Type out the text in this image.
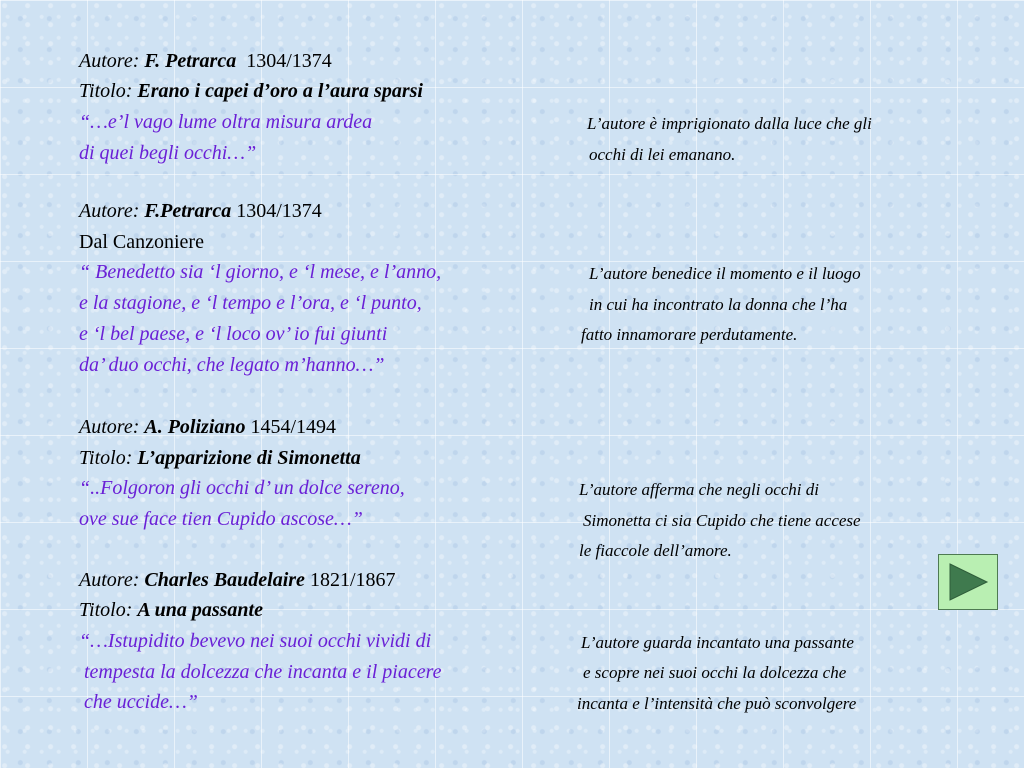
Autore: F. Petrarca 1304/1374
Titolo: Erano i capei d’oro a l’aura sparsi
“…e’l vago lume oltra misura ardea
di quei begli occhi…”
L’autore è imprigionato dalla luce che gli
occhi di lei emanano.
Autore: F.Petrarca 1304/1374
Dal Canzoniere
“ Benedetto sia ‘l giorno, e ‘l mese, e l’anno,
e la stagione, e ‘l tempo e l’ora, e ‘l punto,
e ‘l bel paese, e ‘l loco ov’ io fui giunti
da’ duo occhi, che legato m’hanno…”
L’autore benedice il momento e il luogo
in cui ha incontrato la donna che l’ha
fatto innamorare perdutamente.
Autore: A. Poliziano 1454/1494
Titolo: L’apparizione di Simonetta
“..Folgoron gli occhi d’ un dolce sereno,
ove sue face tien Cupido ascose…”
L’autore afferma che negli occhi di
Simonetta ci sia Cupido che tiene accese
le fiaccole dell’amore.
Autore: Charles Baudelaire 1821/1867
Titolo: A una passante
“…Istupidito bevevo nei suoi occhi vividi di
tempesta la dolcezza che incanta e il piacere
che uccide…”
L’autore guarda incantato una passante
e scopre nei suoi occhi la dolcezza che
incanta e l’intensità che può sconvolgere
